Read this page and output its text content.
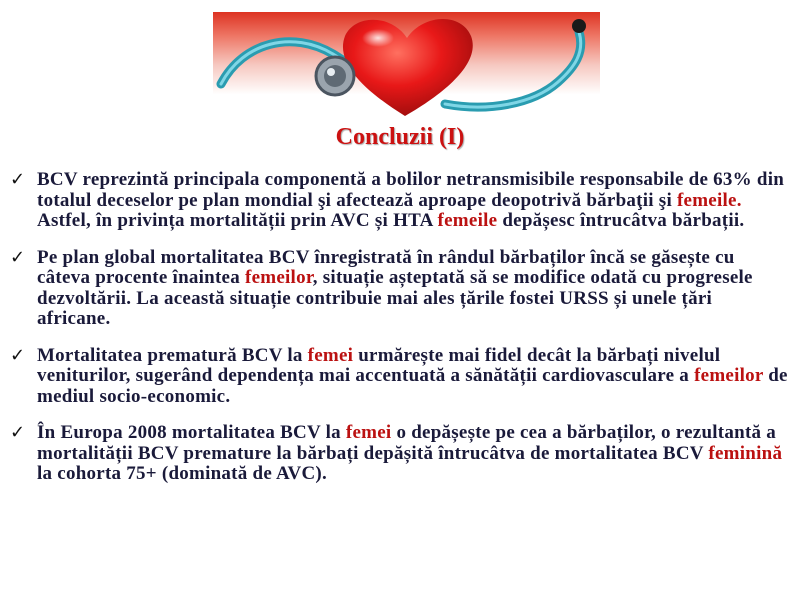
Concluzii (I)
✓ BCV reprezintă principala componentă a bolilor netransmisibile responsabile de 63% din totalul deceselor pe plan mondial şi afectează aproape deopotrivă bărbaţii şi femeile. Astfel, în privința mortalității prin AVC și HTA femeile depășesc întrucâtva bărbații.
✓ Pe plan global mortalitatea BCV înregistrată în rândul bărbaților încă se găsește cu câteva procente înaintea femeilor, situație așteptată să se modifice odată cu progresele dezvoltării. La această situație contribuie mai ales țările fostei URSS și unele țări africane.
✓ Mortalitatea prematură BCV la femei urmărește mai fidel decât la bărbați nivelul veniturilor, sugerând dependența mai accentuată a sănătății cardiovasculare a femeilor de mediul socio-economic.
✓ În Europa 2008 mortalitatea BCV la femei o depășește pe cea a bărbaților, o rezultantă a mortalității BCV premature la bărbați depășită întrucâtva de mortalitatea BCV feminină la cohorta 75+ (dominată de AVC).
